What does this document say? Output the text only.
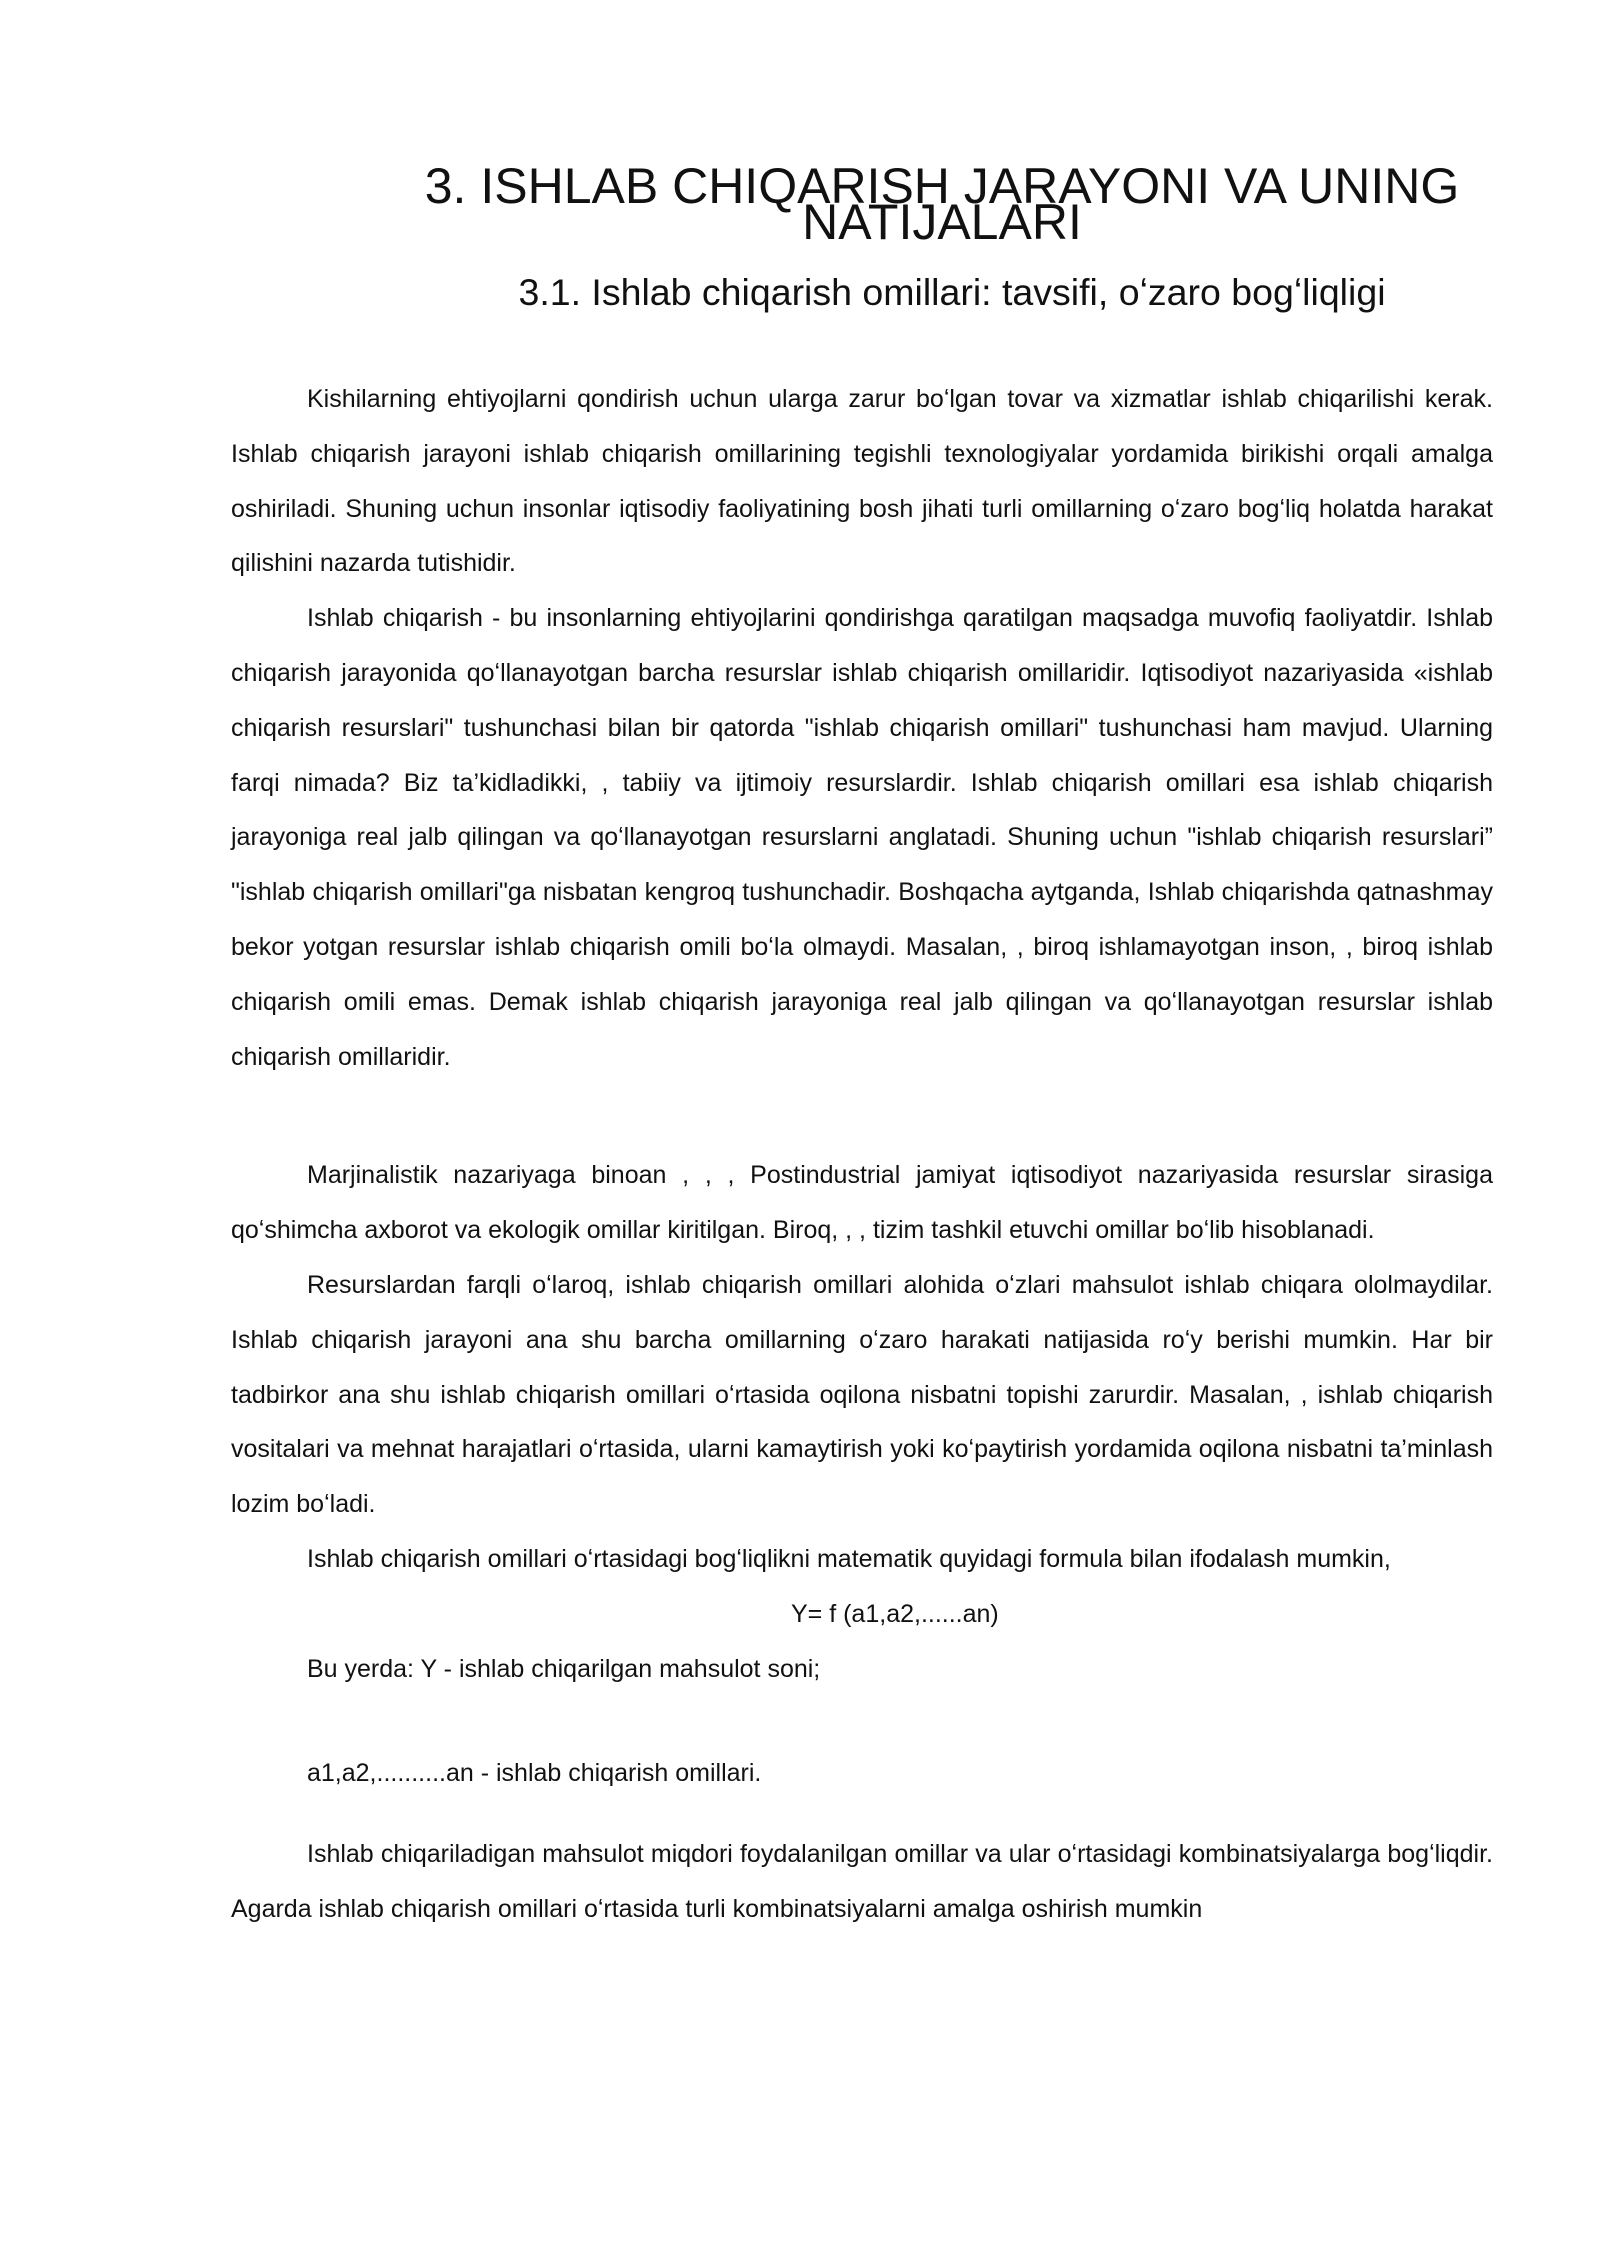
3. ISHLAB CHIQARISH JARAYONI VA UNING NATIJALARI
3.1. Ishlab chiqarish omillari: tavsifi, oʻzaro bogʻliqligi

Kishilarning ehtiyojlarni qondirish uchun ularga zarur boʻlgan tovar va xizmatlar ishlab chiqarilishi kerak. Ishlab chiqarish jarayoni ishlab chiqarish omillarining tegishli texnologiyalar yordamida birikishi orqali amalga oshiriladi. Shuning uchun insonlar iqtisodiy faoliyatining bosh jihati turli omillarning oʻzaro bogʻliq holatda harakat qilishini nazarda tutishidir.

Ishlab chiqarish - bu insonlarning ehtiyojlarini qondirishga qaratilgan maqsadga muvofiq faoliyatdir. Ishlab chiqarish jarayonida qoʻllanayotgan barcha resurslar ishlab chiqarish omillaridir. Iqtisodiyot nazariyasida «ishlab chiqarish resurslari" tushunchasi bilan bir qatorda "ishlab chiqarish omillari" tushunchasi ham mavjud. Ularning farqi nimada? Biz ta’kidladikki, , tabiiy va ijtimoiy resurslardir. Ishlab chiqarish omillari esa ishlab chiqarish jarayoniga real jalb qilingan va qoʻllanayotgan resurslarni anglatadi. Shuning uchun "ishlab chiqarish resurslari” "ishlab chiqarish omillari"ga nisbatan kengroq tushunchadir. Boshqacha aytganda, Ishlab chiqarishda qatnashmay bekor yotgan resurslar ishlab chiqarish omili boʻla olmaydi. Masalan, , biroq ishlamayotgan inson, , biroq ishlab chiqarish omili emas. Demak ishlab chiqarish jarayoniga real jalb qilingan va qoʻllanayotgan resurslar ishlab chiqarish omillaridir.

Marjinalistik nazariyaga binoan , , , Postindustrial jamiyat iqtisodiyot nazariyasida resurslar sirasiga qoʻshimcha axborot va ekologik omillar kiritilgan. Biroq, , , tizim tashkil etuvchi omillar boʻlib hisoblanadi.

Resurslardan farqli oʻlaroq, ishlab chiqarish omillari alohida oʻzlari mahsulot ishlab chiqara ololmaydilar. Ishlab chiqarish jarayoni ana shu barcha omillarning oʻzaro harakati natijasida roʻy berishi mumkin. Har bir tadbirkor ana shu ishlab chiqarish omillari oʻrtasida oqilona nisbatni topishi zarurdir. Masalan, , ishlab chiqarish vositalari va mehnat harajatlari oʻrtasida, ularni kamaytirish yoki koʻpaytirish yordamida oqilona nisbatni ta’minlash lozim boʻladi.

Ishlab chiqarish omillari oʻrtasidagi bogʻliqlikni matematik quyidagi formula bilan ifodalash mumkin,

Y= f (a1,a2,......an)

Bu yerda: Y - ishlab chiqarilgan mahsulot soni;

a1,a2,..........an - ishlab chiqarish omillari.

Ishlab chiqariladigan mahsulot miqdori foydalanilgan omillar va ular oʻrtasidagi kombinatsiyalarga bogʻliqdir. Agarda ishlab chiqarish omillari oʻrtasida turli kombinatsiyalarni amalga oshirish mumkin
